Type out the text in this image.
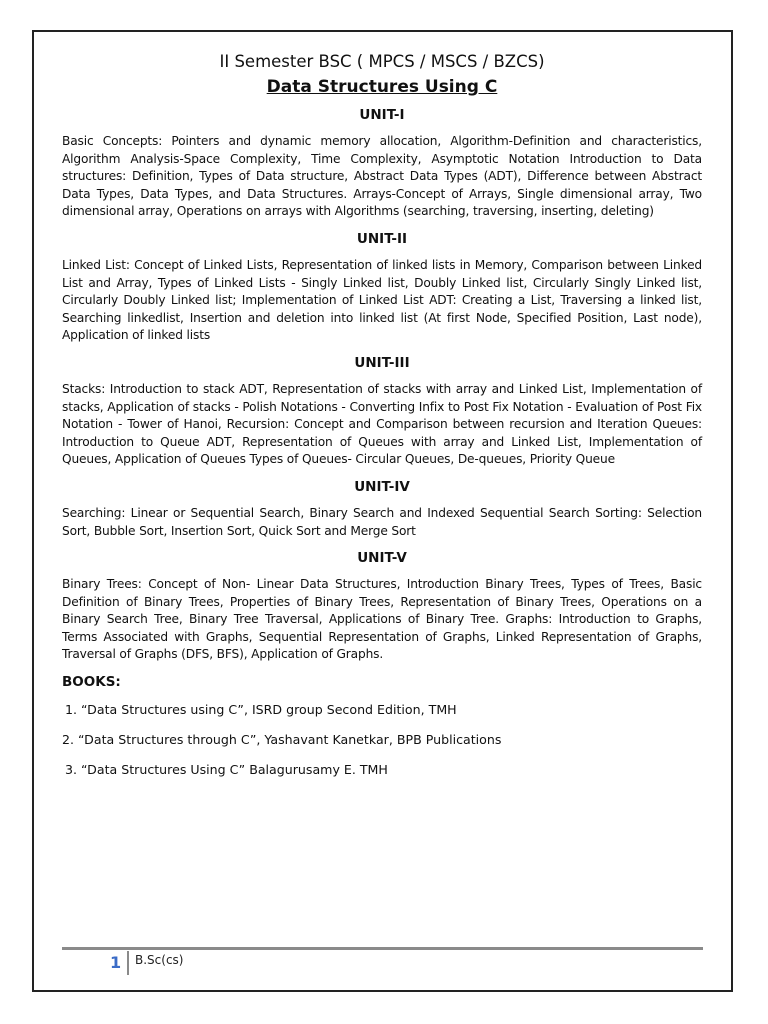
II Semester BSC ( MPCS / MSCS / BZCS)
Data Structures Using C
UNIT-I
Basic Concepts: Pointers and dynamic memory allocation, Algorithm-Definition and characteristics, Algorithm Analysis-Space Complexity, Time Complexity, Asymptotic Notation Introduction to Data structures: Definition, Types of Data structure, Abstract Data Types (ADT), Difference between Abstract Data Types, Data Types, and Data Structures. Arrays-Concept of Arrays, Single dimensional array, Two dimensional array, Operations on arrays with Algorithms (searching, traversing, inserting, deleting)
UNIT-II
Linked List: Concept of Linked Lists, Representation of linked lists in Memory, Comparison between Linked List and Array, Types of Linked Lists - Singly Linked list, Doubly Linked list, Circularly Singly Linked list, Circularly Doubly Linked list; Implementation of Linked List ADT: Creating a List, Traversing a linked list, Searching linkedlist, Insertion and deletion into linked list (At first Node, Specified Position, Last node), Application of linked lists
UNIT-III
Stacks: Introduction to stack ADT, Representation of stacks with array and Linked List, Implementation of stacks, Application of stacks - Polish Notations - Converting Infix to Post Fix Notation - Evaluation of Post Fix Notation - Tower of Hanoi, Recursion: Concept and Comparison between recursion and Iteration Queues: Introduction to Queue ADT, Representation of Queues with array and Linked List, Implementation of Queues, Application of Queues Types of Queues- Circular Queues, De-queues, Priority Queue
UNIT-IV
Searching: Linear or Sequential Search, Binary Search and Indexed Sequential Search Sorting: Selection Sort, Bubble Sort, Insertion Sort, Quick Sort and Merge Sort
UNIT-V
Binary Trees: Concept of Non- Linear Data Structures, Introduction Binary Trees, Types of Trees, Basic Definition of Binary Trees, Properties of Binary Trees, Representation of Binary Trees, Operations on a Binary Search Tree, Binary Tree Traversal, Applications of Binary Tree. Graphs: Introduction to Graphs, Terms Associated with Graphs, Sequential Representation of Graphs, Linked Representation of Graphs, Traversal of Graphs (DFS, BFS), Application of Graphs.
BOOKS:
1. “Data Structures using C”, ISRD group Second Edition, TMH
2. “Data Structures through C”, Yashavant Kanetkar, BPB Publications
3. “Data Structures Using C” Balagurusamy E. TMH
1 B.Sc(cs)
